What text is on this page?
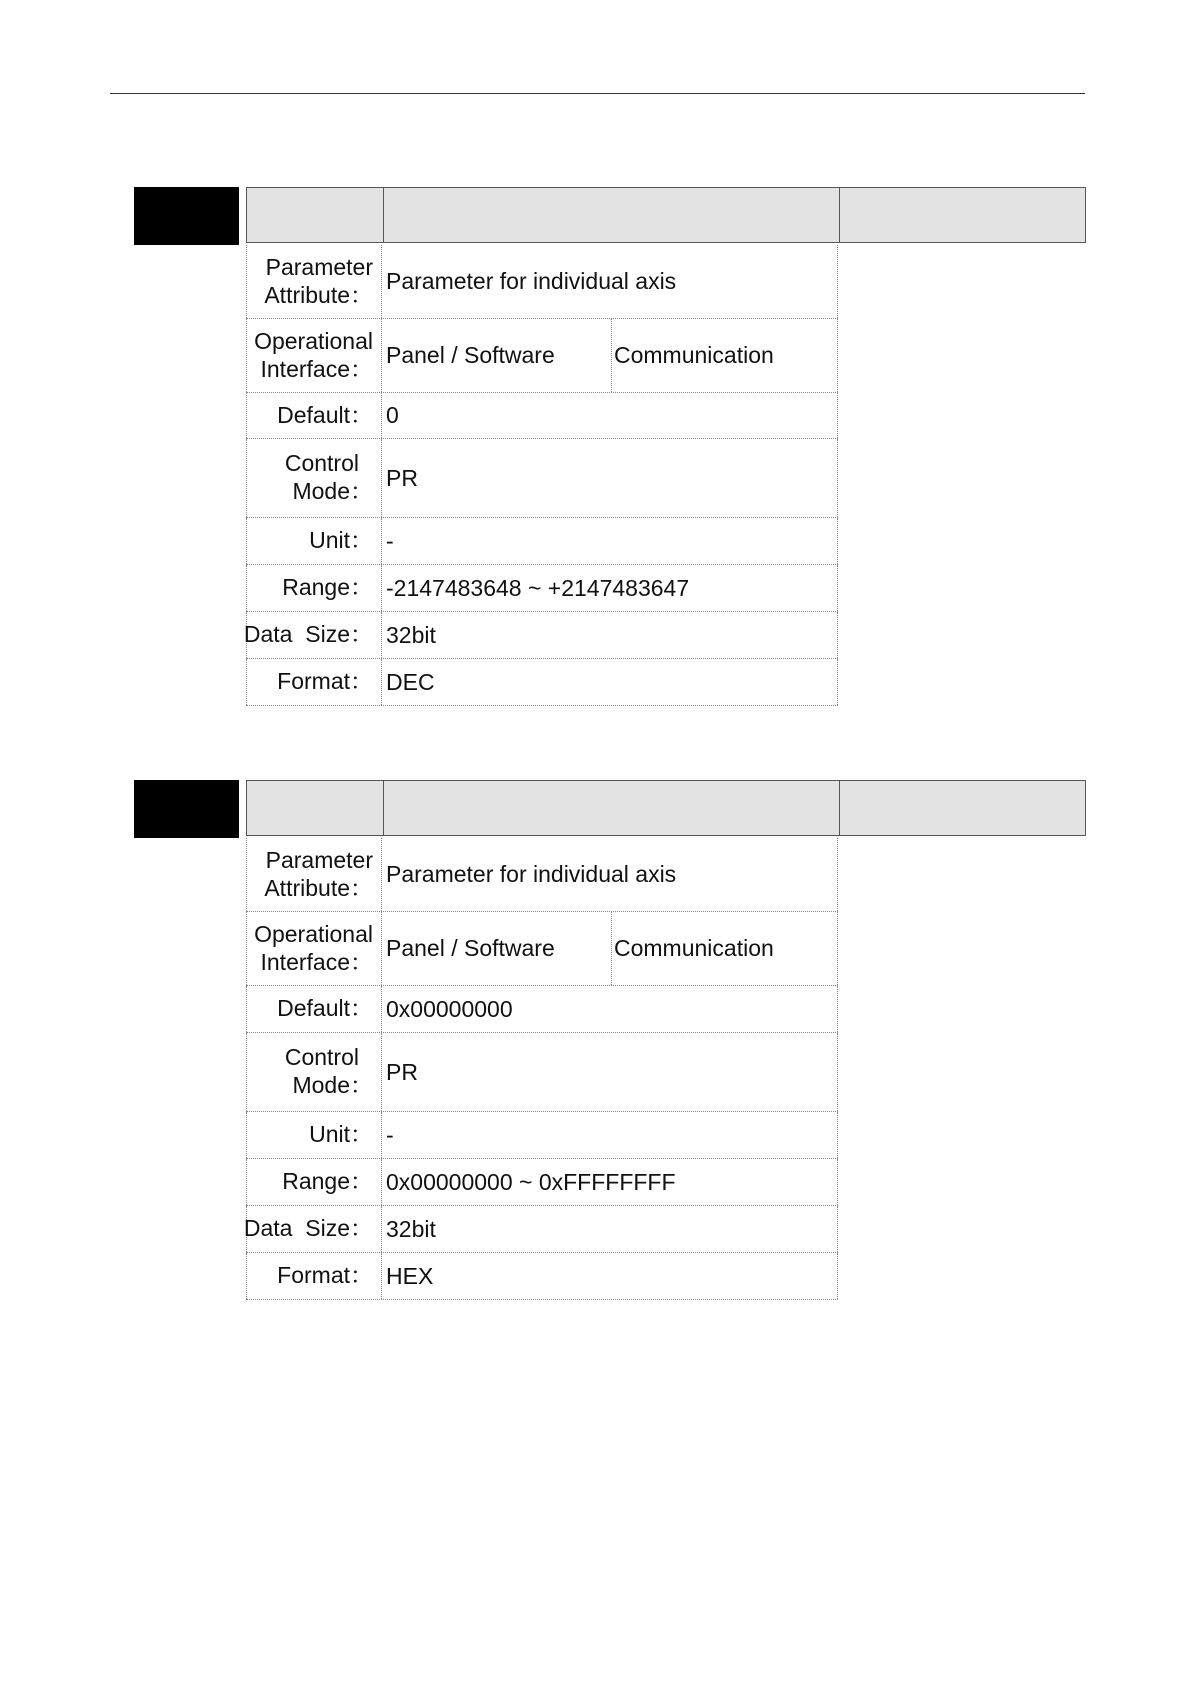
Parameter
Attribute：
Parameter for individual axis
Operational
Interface：
Panel / Software	Communication
Default： 0
Control
Mode：
PR
Unit： -
Range： -2147483648 ~ +2147483647
Data  Size： 32bit
Format： DEC
Parameter
Attribute：
Parameter for individual axis
Operational
Interface：
Panel / Software	Communication
Default： 0x00000000
Control
Mode：
PR
Unit： -
Range： 0x00000000 ~ 0xFFFFFFFF
Data  Size： 32bit
Format： HEX
